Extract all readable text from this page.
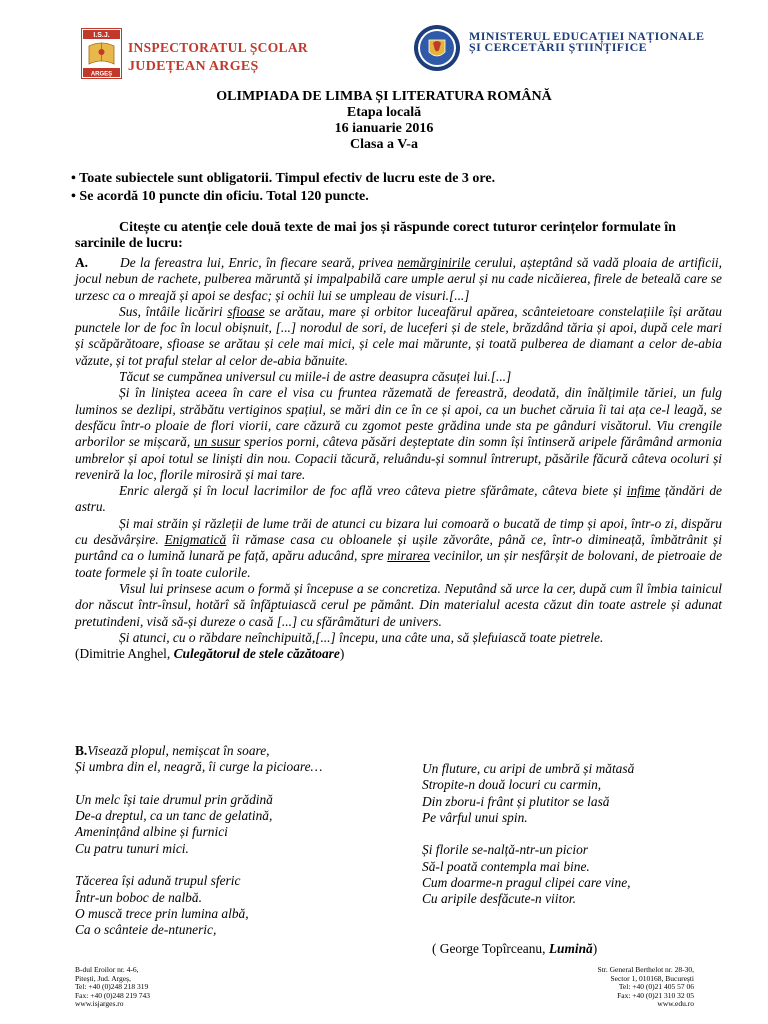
I.S.J.
ARGEȘ
INSPECTORATUL ȘCOLAR
JUDEȚEAN ARGEȘ
MINISTERUL EDUCAȚIEI NAȚIONALE
ȘI CERCETĂRII ȘTIINȚIFICE
OLIMPIADA DE LIMBA ȘI LITERATURA ROMÂNĂ
Etapa locală
16 ianuarie 2016
Clasa a V-a
• Toate subiectele sunt obligatorii. Timpul efectiv de lucru este de 3 ore.
• Se acordă 10 puncte din oficiu. Total 120 puncte.
Citește cu atenție cele două texte de mai jos și răspunde corect tuturor cerințelor formulate în sarcinile de lucru:

A. De la fereastra lui, Enric, în fiecare seară, privea nemărginirile cerului, așteptând să vadă ploaia de artificii, jocul nebun de rachete, pulberea măruntă și impalpabilă care umple aerul și nu cade nicăierea, firele de beteală care se urzesc ca o mreajă și apoi se desfac; și ochii lui se umpleau de visuri.[...]

Sus, întâile licăriri sfioase se arătau, mare și orbitor luceafărul apărea, scânteietoare constelațiile își arătau punctele lor de foc în locul obișnuit, [...] norodul de sori, de luceferi și de stele, brăzdând tăria și apoi, după cele mari și scăpărătoare, sfioase se arătau și cele mai mici, și cele mai mărunte, și toată pulberea de diamant a celor de-abia văzute, și tot praful stelar al celor de-abia bănuite.

Tăcut se cumpănea universul cu miile-i de astre deasupra căsuței lui.[...]

Și în liniștea aceea în care el visa cu fruntea răzemată de fereastră, deodată, din înălțimile tăriei, un fulg luminos se dezlipi, străbătu vertiginos spațiul, se mări din ce în ce și apoi, ca un buchet căruia îi tai ața ce-l leagă, se desfăcu într-o ploaie de flori viorii, care căzură cu zgomot peste grădina unde sta pe gânduri visătorul. Viu crengile arborilor se mișcară, un susur sperios porni, câteva păsări deșteptate din somn își întinseră aripele fărâmând armonia umbrelor și apoi totul se liniști din nou. Copacii tăcură, reluându-și somnul întrerupt, păsările făcură câteva ocoluri și reveniră la loc, florile mirosiră și mai tare.

Enric alergă și în locul lacrimilor de foc află vreo câteva pietre sfărâmate, câteva biete și infime țăndări de astru.

Și mai străin și răzleții de lume trăi de atunci cu bizara lui comoară o bucată de timp și apoi, într-o zi, dispăru cu desăvârșire. Enigmatică îi rămase casa cu obloanele și ușile zăvorâte, până ce, într-o dimineață, îmbătrânit și purtând ca o lumină lunară pe față, apăru aducând, spre mirarea vecinilor, un șir nesfârșit de bolovani, de pietroaie de toate formele și în toate culorile.

Visul lui prinsese acum o formă și începuse a se concretiza. Neputând să urce la cer, după cum îl îmbia tainicul dor născut într-însul, hotărî să înfăptuiască cerul pe pământ. Din materialul acesta căzut din toate astrele și adunat pretutindeni, visă să-și dureze o casă [...] cu sfărâmături de univers.

Și atunci, cu o răbdare neînchipuită,[...] începu, una câte una, să șlefuiască toate pietrele.

(Dimitrie Anghel, Culegătorul de stele căzătoare)

B.Visează plopul, nemișcat în soare,
Și umbra din el, neagră, îi curge la picioare…
Un melc își taie drumul prin grădină
De-a dreptul, ca un tanc de gelatină,
Amenințând albine și furnici
Cu patru tunuri mici.
Tăcerea își adună trupul sferic
Într-un boboc de nalbă.
O muscă trece prin lumina albă,
Ca o scânteie de-ntuneric,
Un fluture, cu aripi de umbră și mătasă
Stropite-n două locuri cu carmin,
Din zboru-i frânt și plutitor se lasă
Pe vârful unui spin.
Și florile se-nalță-ntr-un picior
Să-l poată contempla mai bine.
Cum doarme-n pragul clipei care vine,
Cu aripile desfăcute-n viitor.
( George Topîrceanu, Lumină)
B-dul Eroilor nr. 4-6,
Pitești, Jud. Argeș,
Tel: +40 (0)248 218 319
Fax: +40 (0)248 219 743
www.isjarges.ro
Str. General Berthelot nr. 28-30,
Sector 1, 010168, București
Tel: +40 (0)21 405 57 06
Fax: +40 (0)21 310 32 05
www.edu.ro
